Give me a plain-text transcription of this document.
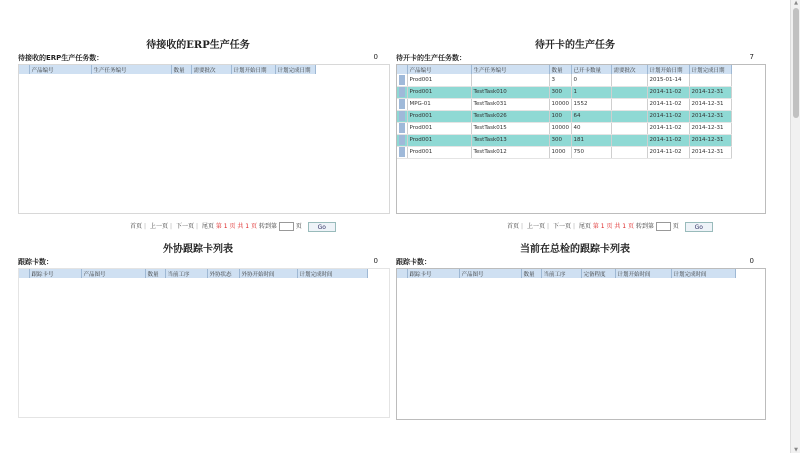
待接收的ERP生产任务
待接收的ERP生产任务数：	0
	产品编号	生产任务编号	数量	需要批次	计划开始日期	计划完成日期
首页 | 上一页 | 下一页 | 尾页 第 1 页 共 1 页 转到第	页	Go
待开卡的生产任务
待开卡的生产任务数：	7
	产品编号	生产任务编号	数量	已开卡数量	需要批次	计划开始日期	计划完成日期

	Prod001		3	0		2015-01-14	

	Prod001	TestTask010	300	1		2014-11-02	2014-12-31

	MPG-01	TestTask031	10000	1552		2014-11-02	2014-12-31

	Prod001	TestTask026	100	64		2014-11-02	2014-12-31

	Prod001	TestTask015	10000	40		2014-11-02	2014-12-31

	Prod001	TestTask013	300	181		2014-11-02	2014-12-31

	Prod001	TestTask012	1000	750		2014-11-02	2014-12-31
首页 | 上一页 | 下一页 | 尾页 第 1 页 共 1 页 转到第	页	Go
外协跟踪卡列表
跟踪卡数：	0
	跟踪卡号	产品图号	数量	当前工序	外协状态	外协开始时间	计划完成时间
当前在总检的跟踪卡列表
跟踪卡数：	0
	跟踪卡号	产品图号	数量	当前工序	完备程度	计划开始时间	计划完成时间
▲
▼
